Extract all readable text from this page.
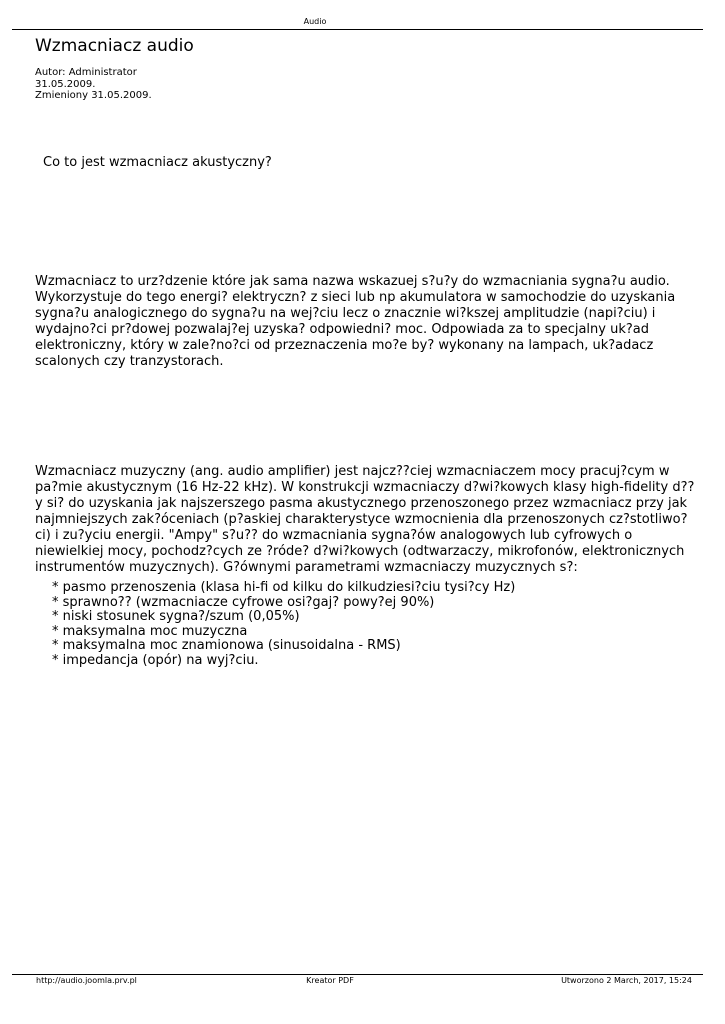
Audio
Wzmacniacz audio
Autor: Administrator
31.05.2009.
Zmieniony 31.05.2009.
Co to jest wzmacniacz akustyczny?

Wzmacniacz to urz?dzenie które jak sama nazwa wskazuej s?u?y do wzmacniania sygna?u audio. Wykorzystuje do tego energi? elektryczn? z sieci lub np akumulatora w samochodzie do uzyskania sygna?u analogicznego do sygna?u na wej?ciu lecz o znacznie wi?kszej amplitudzie (napi?ciu) i wydajno?ci pr?dowej pozwalaj?ej uzyska? odpowiedni? moc. Odpowiada za to specjalny uk?ad elektroniczny, który w zale?no?ci od przeznaczenia mo?e by? wykonany na lampach, uk?adacz scalonych czy tranzystorach.

Wzmacniacz muzyczny (ang. audio amplifier) jest najcz??ciej wzmacniaczem mocy pracuj?cym w pa?mie akustycznym (16 Hz-22 kHz). W konstrukcji wzmacniaczy d?wi?kowych klasy high-fidelity d??y si? do uzyskania jak najszerszego pasma akustycznego przenoszonego przez wzmacniacz przy jak najmniejszych zak?óceniach (p?askiej charakterystyce wzmocnienia dla przenoszonych cz?stotliwo?ci) i zu?yciu energii. "Ampy" s?u?? do wzmacniania sygna?ów analogowych lub cyfrowych o niewielkiej mocy, pochodz?cych ze ?róde? d?wi?kowych (odtwarzaczy, mikrofonów, elektronicznych instrumentów muzycznych). G?ównymi parametrami wzmacniaczy muzycznych s?:

* pasmo przenoszenia (klasa hi-fi od kilku do kilkudziesi?ciu tysi?cy Hz)
* sprawno?? (wzmacniacze cyfrowe osi?gaj? powy?ej 90%)
* niski stosunek sygna?/szum (0,05%)
* maksymalna moc muzyczna
* maksymalna moc znamionowa (sinusoidalna - RMS)
* impedancja (opór) na wyj?ciu.
http://audio.joomla.prv.pl	Kreator PDF	Utworzono 2 March, 2017, 15:24
